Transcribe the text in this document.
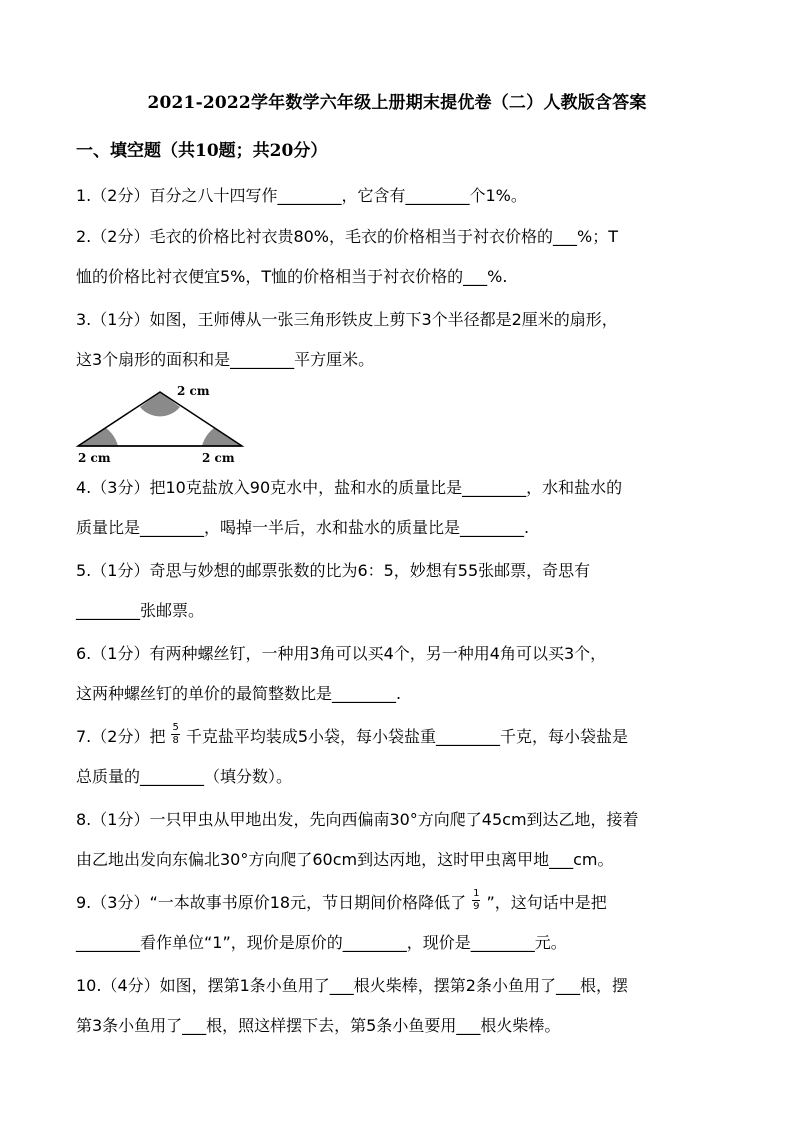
2021-2022学年数学六年级上册期末提优卷（二）人教版含答案
一、填空题（共10题；共20分）
1.（2分）百分之八十四写作________，它含有________个1%。
2.（2分）毛衣的价格比衬衣贵80%，毛衣的价格相当于衬衣价格的___%；T
恤的价格比衬衣便宜5%，T恤的价格相当于衬衣价格的___%.
3.（1分）如图，王师傅从一张三角形铁皮上剪下3个半径都是2厘米的扇形，
这3个扇形的面积和是________平方厘米。
2 cm
2 cm	2 cm
4.（3分）把10克盐放入90克水中，盐和水的质量比是________，水和盐水的
质量比是________，喝掉一半后，水和盐水的质量比是________.
5.（1分）奇思与妙想的邮票张数的比为6：5，妙想有55张邮票，奇思有
________张邮票。
6.（1分）有两种螺丝钉，一种用3角可以买4个，另一种用4角可以买3个，
这两种螺丝钉的单价的最简整数比是________.
7.（2分）把 $\frac{5}{8}$ 千克盐平均装成5小袋，每小袋盐重________千克，每小袋盐是
总质量的________（填分数）。
8.（1分）一只甲虫从甲地出发，先向西偏南30°方向爬了45cm到达乙地，接着
由乙地出发向东偏北30°方向爬了60cm到达丙地，这时甲虫离甲地___cm。
9.（3分）“一本故事书原价18元，节日期间价格降低了 $\frac{1}{9}$ ”，这句话中是把
________看作单位“1”，现价是原价的________，现价是________元。
10.（4分）如图，摆第1条小鱼用了___根火柴棒，摆第2条小鱼用了___根，摆
第3条小鱼用了___根，照这样摆下去，第5条小鱼要用___根火柴棒。
